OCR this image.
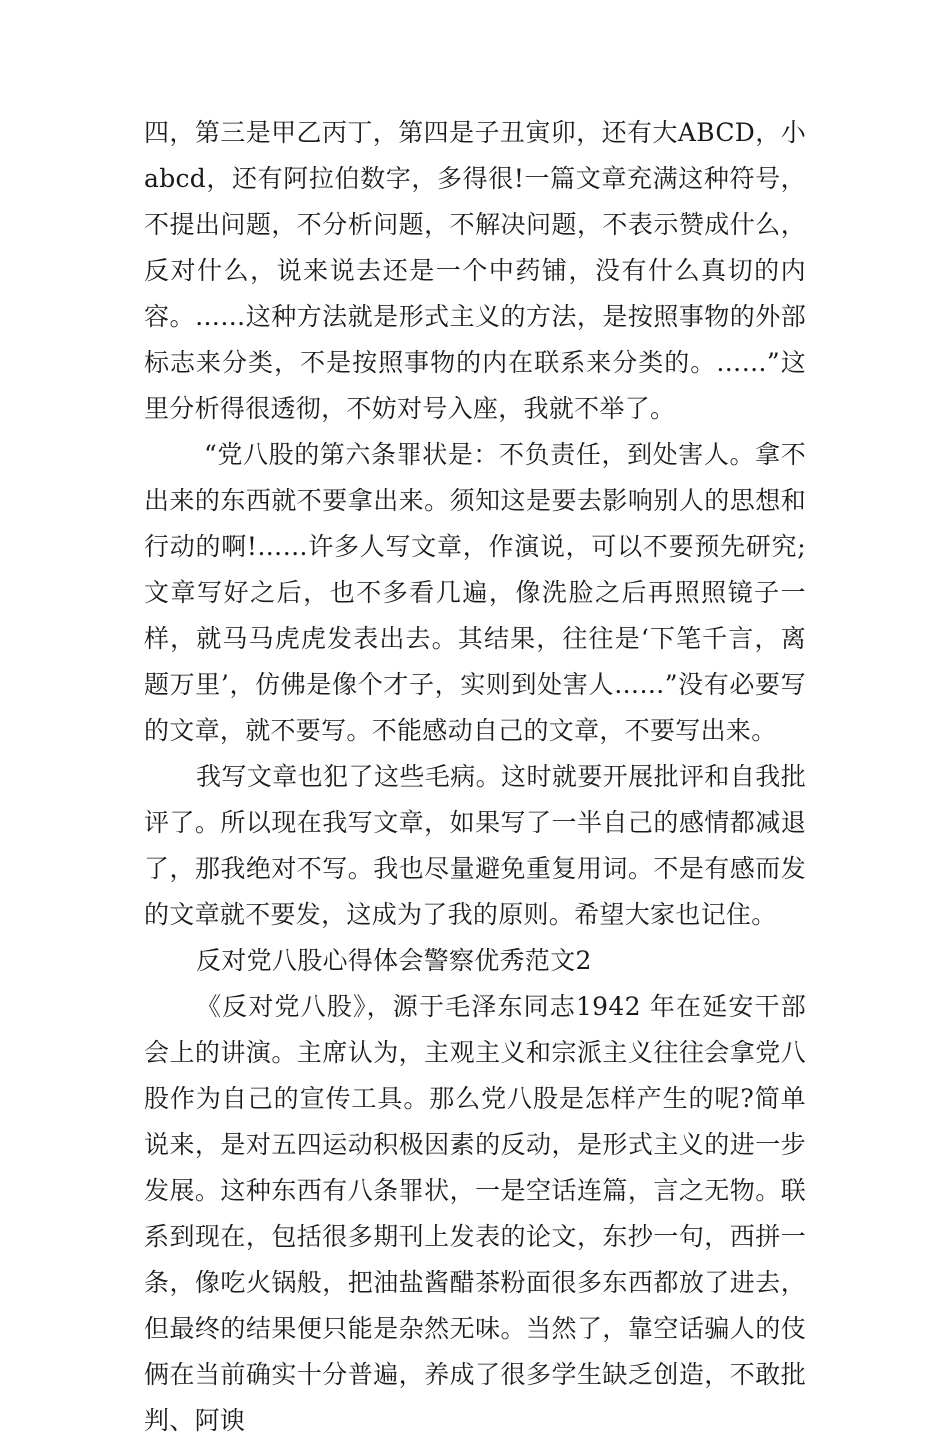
四，第三是甲乙丙丁，第四是子丑寅卯，还有大ABCD，小abcd，还有阿拉伯数字，多得很!一篇文章充满这种符号，不提出问题，不分析问题，不解决问题，不表示赞成什么，反对什么，说来说去还是一个中药铺，没有什么真切的内容。……这种方法就是形式主义的方法，是按照事物的外部标志来分类，不是按照事物的内在联系来分类的。……”这里分析得很透彻，不妨对号入座，我就不举了。

“党八股的第六条罪状是：不负责任，到处害人。拿不出来的东西就不要拿出来。须知这是要去影响别人的思想和行动的啊!……许多人写文章，作演说，可以不要预先研究;文章写好之后，也不多看几遍，像洗脸之后再照照镜子一样，就马马虎虎发表出去。其结果，往往是‘下笔千言，离题万里’，仿佛是像个才子，实则到处害人……”没有必要写的文章，就不要写。不能感动自己的文章，不要写出来。

我写文章也犯了这些毛病。这时就要开展批评和自我批评了。所以现在我写文章，如果写了一半自己的感情都减退了，那我绝对不写。我也尽量避免重复用词。不是有感而发的文章就不要发，这成为了我的原则。希望大家也记住。

反对党八股心得体会警察优秀范文2

《反对党八股》，源于毛泽东同志1942 年在延安干部会上的讲演。主席认为，主观主义和宗派主义往往会拿党八股作为自己的宣传工具。那么党八股是怎样产生的呢?简单说来，是对五四运动积极因素的反动，是形式主义的进一步发展。这种东西有八条罪状，一是空话连篇，言之无物。联系到现在，包括很多期刊上发表的论文，东抄一句，西拼一条，像吃火锅般，把油盐酱醋茶粉面很多东西都放了进去，但最终的结果便只能是杂然无味。当然了，靠空话骗人的伎俩在当前确实十分普遍，养成了很多学生缺乏创造，不敢批判、阿谀
